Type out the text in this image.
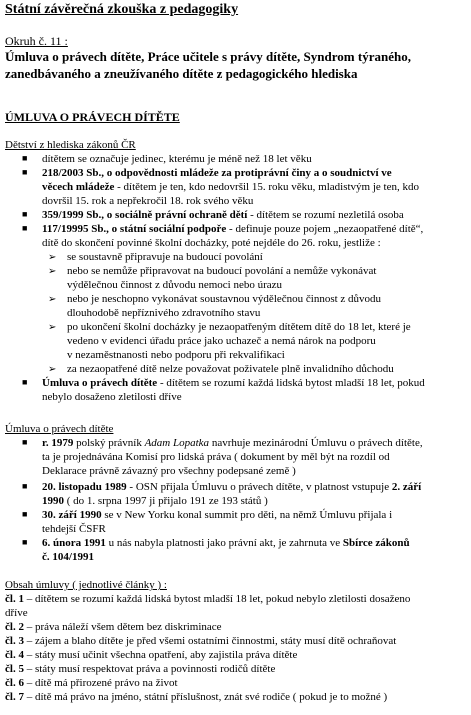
Státní závěrečná zkouška z pedagogiky
Okruh č. 11 :
Úmluva o právech dítěte, Práce učitele s právy dítěte, Syndrom týraného,
zanedbávaného a zneužívaného dítěte z pedagogického hlediska
ÚMLUVA O PRÁVECH DÍTĚTE
Dětství z hlediska zákonů ČR
■ dítětem se označuje jedinec, kterému je méně než 18 let věku
■ 218/2003 Sb., o odpovědnosti mládeže za protiprávní činy a o soudnictví ve
věcech mládeže - dítětem je ten, kdo nedovršil 15. roku věku, mladistvým je ten, kdo
dovršil 15. rok a nepřekročil 18. rok svého věku
■ 359/1999 Sb., o sociálně právní ochraně dětí - dítětem se rozumí nezletilá osoba
■ 117/19995 Sb., o státní sociální podpoře - definuje pouze pojem „nezaopatřené dítě“,
dítě do skončení povinné školní docházky, poté nejdéle do 26. roku, jestliže :
➢ se soustavně připravuje na budoucí povolání
➢ nebo se nemůže připravovat na budoucí povolání a nemůže vykonávat
výdělečnou činnost z důvodu nemoci nebo úrazu
➢ nebo je neschopno vykonávat soustavnou výdělečnou činnost z důvodu
dlouhodobě nepříznivého zdravotního stavu
➢ po ukončení školní docházky je nezaopatřeným dítětem dítě do 18 let, které je
vedeno v evidenci úřadu práce jako uchazeč a nemá nárok na podporu
v nezaměstnanosti nebo podporu při rekvalifikaci
➢ za nezaopatřené dítě nelze považovat poživatele plně invalidního důchodu
■ Úmluva o právech dítěte - dítětem se rozumí každá lidská bytost mladší 18 let, pokud
nebylo dosaženo zletilosti dříve
Úmluva o právech dítěte
■ r. 1979 polský právník Adam Lopatka navrhuje mezinárodní Úmluvu o právech dítěte,
ta je projednávána Komisí pro lidská práva ( dokument by měl být na rozdíl od
Deklarace právně závazný pro všechny podepsané země )
■ 20. listopadu 1989 - OSN přijala Úmluvu o právech dítěte, v platnost vstupuje 2. září
1990 ( do 1. srpna 1997 ji přijalo 191 ze 193 států )
■ 30. září 1990 se v New Yorku konal summit pro děti, na němž Úmluvu přijala i
tehdejší ČSFR
■ 6. února 1991 u nás nabyla platnosti jako právní akt, je zahrnuta ve Sbírce zákonů
č. 104/1991
Obsah úmluvy ( jednotlivé články ) :
čl. 1 – dítětem se rozumí každá lidská bytost mladší 18 let, pokud nebylo zletilosti dosaženo
dříve
čl. 2 – práva náleží všem dětem bez diskriminace
čl. 3 – zájem a blaho dítěte je před všemi ostatními činnostmi, státy musí dítě ochraňovat
čl. 4 – státy musí učinit všechna opatření, aby zajistila práva dítěte
čl. 5 – státy musí respektovat práva a povinnosti rodičů dítěte
čl. 6 – dítě má přirozené právo na život
čl. 7 – dítě má právo na jméno, státní příslušnost, znát své rodiče ( pokud je to možné )
